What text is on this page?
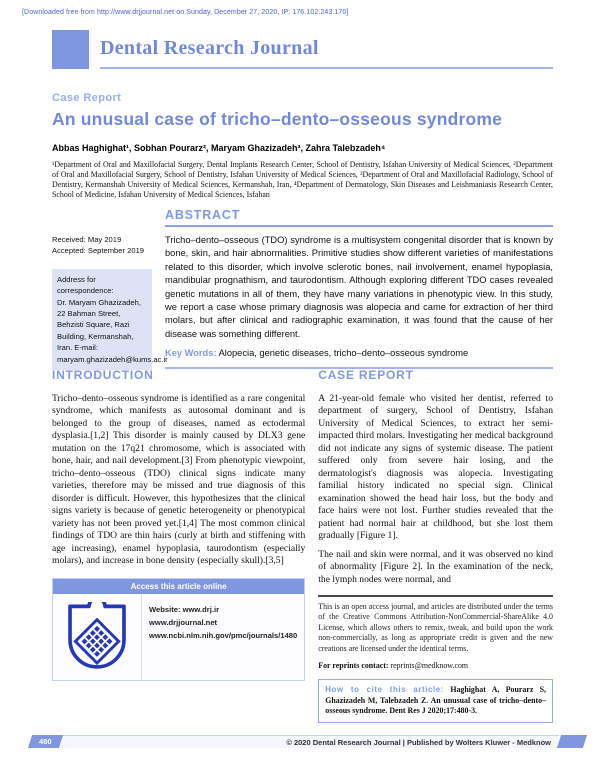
[Downloaded free from http://www.drjjournal.net on Sunday, December 27, 2020, IP: 176.102.243.170]
Dental Research Journal
Case Report
An unusual case of tricho–dento–osseous syndrome
Abbas Haghighat¹, Sobhan Pourarz², Maryam Ghazizadeh³, Zahra Talebzadeh⁴
¹Department of Oral and Maxillofacial Surgery, Dental Implants Research Center, School of Dentistry, Isfahan University of Medical Sciences, ²Department of Oral and Maxillofacial Surgery, School of Dentistry, Isfahan University of Medical Sciences, ³Department of Oral and Maxillofacial Radiology, School of Dentistry, Kermanshah University of Medical Sciences, Kermanshah, Iran, ⁴Department of Dermatology, Skin Diseases and Leishmaniasis Research Center, School of Medicine, Isfahan University of Medical Sciences, Isfahan
Received: May 2019
Accepted: September 2019
Address for correspondence:
Dr. Maryam Ghazizadeh, 22 Bahman Street, Behzisti Square, Razi Building, Kermanshah, Iran. E-mail: maryam.ghazizadeh@kums.ac.ir
ABSTRACT
Tricho–dento–osseous (TDO) syndrome is a multisystem congenital disorder that is known by bone, skin, and hair abnormalities. Primitive studies show different varieties of manifestations related to this disorder, which involve sclerotic bones, nail involvement, enamel hypoplasia, mandibular prognathism, and taurodontism. Although exploring different TDO cases revealed genetic mutations in all of them, they have many variations in phenotypic view. In this study, we report a case whose primary diagnosis was alopecia and came for extraction of her third molars, but after clinical and radiographic examination, it was found that the cause of her disease was something different.
Key Words: Alopecia, genetic diseases, tricho–dento–osseous syndrome
INTRODUCTION
Tricho–dento–osseous syndrome is identified as a rare congenital syndrome, which manifests as autosomal dominant and is belonged to the group of diseases, named as ectodermal dysplasia.[1,2] This disorder is mainly caused by DLX3 gene mutation on the 17q21 chromosome, which is associated with bone, hair, and nail development.[3] From phenotypic viewpoint, tricho–dento–osseous (TDO) clinical signs indicate many varieties, therefore may be missed and true diagnosis of this disorder is difficult. However, this hypothesizes that the clinical signs variety is because of genetic heterogeneity or phenotypical variety has not been proved yet.[1,4] The most common clinical findings of TDO are thin hairs (curly at birth and stiffening with age increasing), enamel hypoplasia, taurodontism (especially molars), and increase in bone density (especially skull).[3,5]
Access this article online
Website: www.drj.ir
www.drjjournal.net
www.ncbi.nlm.nih.gov/pmc/journals/1480
CASE REPORT
A 21-year-old female who visited her dentist, referred to department of surgery, School of Dentistry, Isfahan University of Medical Sciences, to extract her semi-impacted third molars. Investigating her medical background did not indicate any signs of systemic disease. The patient suffered only from severe hair losing, and the dermatologist's diagnosis was alopecia. Investigating familial history indicated no special sign. Clinical examination showed the head hair loss, but the body and face hairs were not lost. Further studies revealed that the patient had normal hair at childhood, but she lost them gradually [Figure 1].
The nail and skin were normal, and it was observed no kind of abnormality [Figure 2]. In the examination of the neck, the lymph nodes were normal, and
This is an open access journal, and articles are distributed under the terms of the Creative Commons Attribution-NonCommercial-ShareAlike 4.0 License, which allows others to remix, tweak, and build upon the work non-commercially, as long as appropriate credit is given and the new creations are licensed under the identical terms.
For reprints contact: reprints@medknow.com
How to cite this article: Haghighat A, Pourarz S, Ghazizadeh M, Talebzadeh Z. An unusual case of tricho–dento–osseous syndrome. Dent Res J 2020;17:480-3.
480	© 2020 Dental Research Journal | Published by Wolters Kluwer - Medknow
